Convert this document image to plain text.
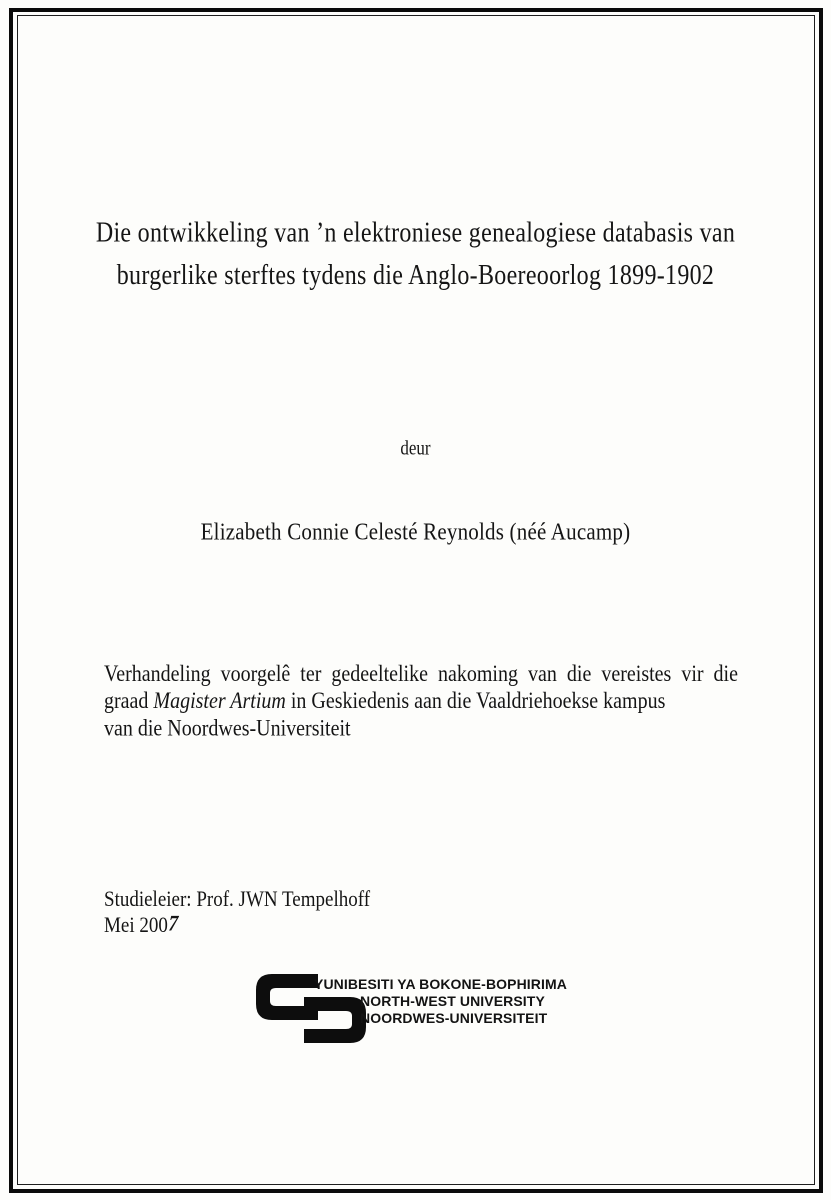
Die ontwikkeling van ’n elektroniese genealogiese databasis van
burgerlike sterftes tydens die Anglo-Boereoorlog 1899-1902
deur
Elizabeth Connie Celesté Reynolds (néé Aucamp)
Verhandeling voorgelê ter gedeeltelike nakoming van die vereistes vir die
graad Magister Artium in Geskiedenis aan die Vaaldriehoekse kampus
van die Noordwes-Universiteit
Studieleier: Prof. JWN Tempelhoff
Mei 2007
YUNIBESITI YA BOKONE-BOPHIRIMA
NORTH-WEST UNIVERSITY
NOORDWES-UNIVERSITEIT
